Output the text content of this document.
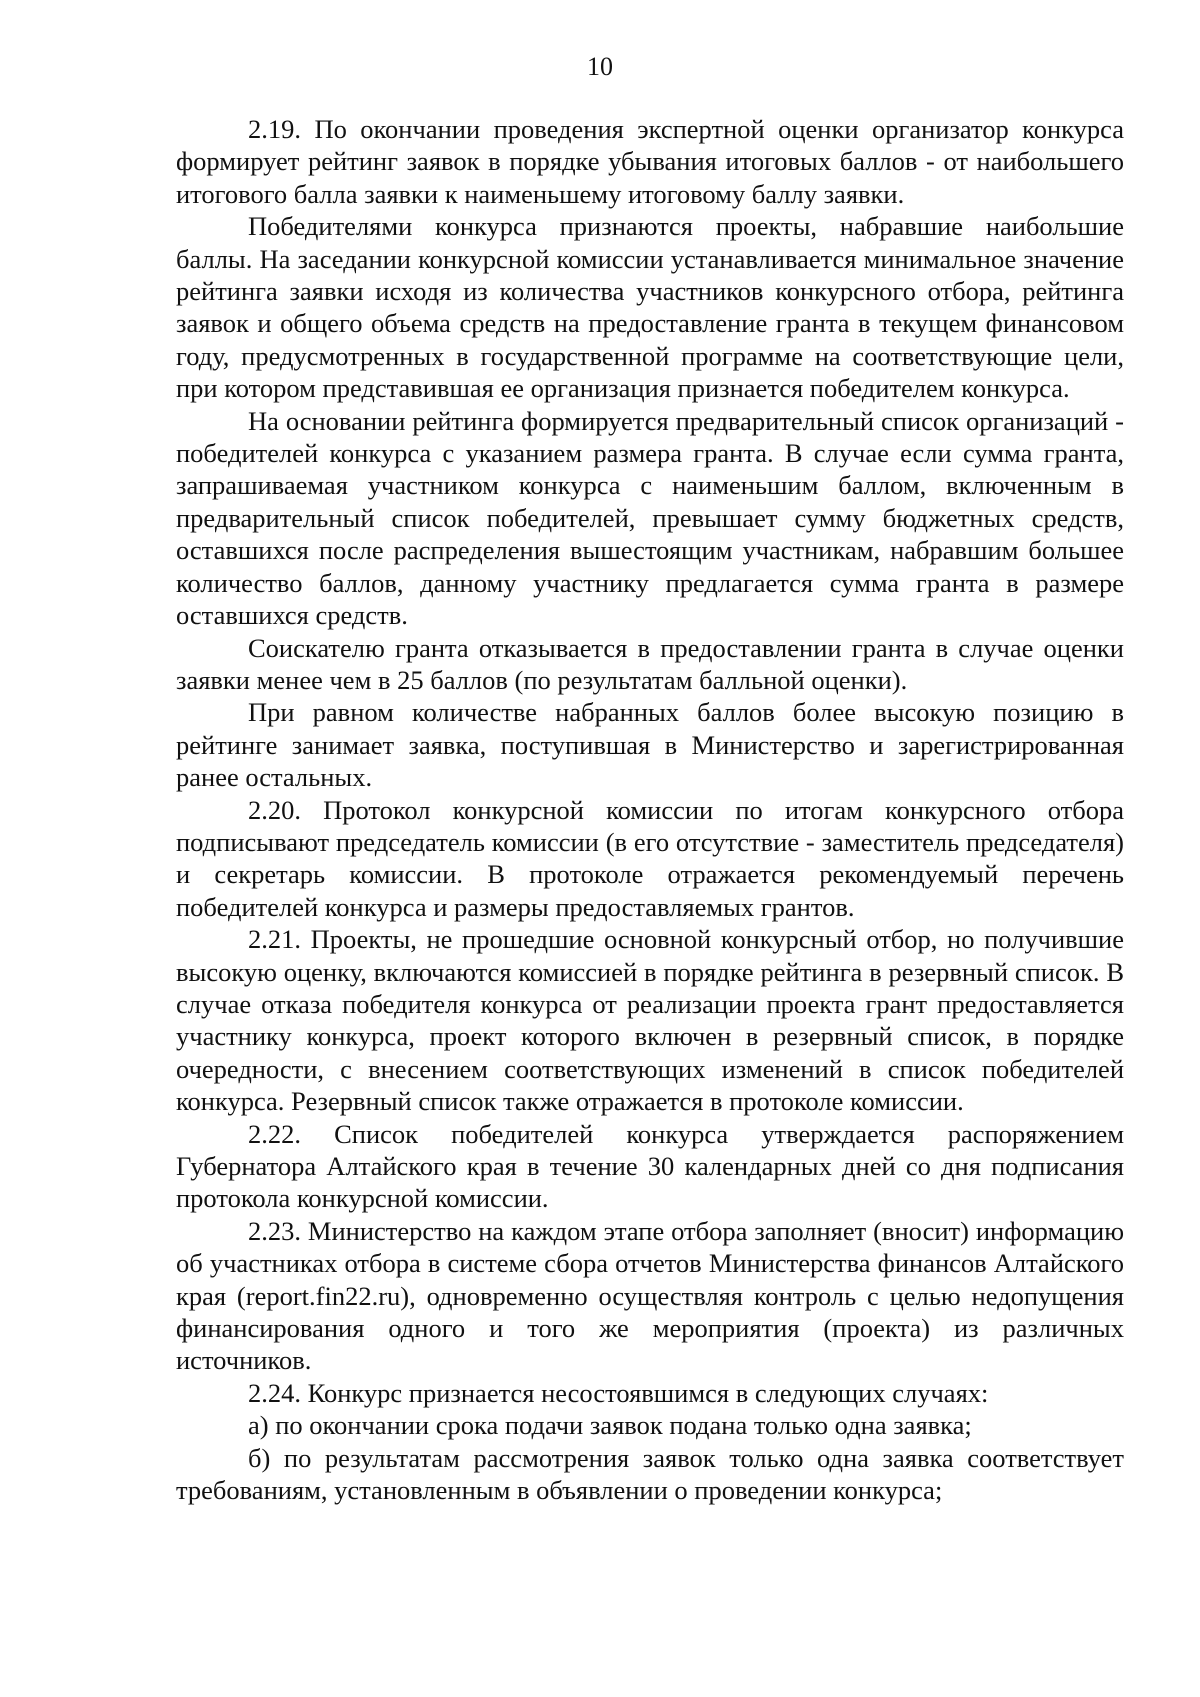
10

2.19. По окончании проведения экспертной оценки организатор конкурса формирует рейтинг заявок в порядке убывания итоговых баллов - от наибольшего итогового балла заявки к наименьшему итоговому баллу заявки.

Победителями конкурса признаются проекты, набравшие наибольшие баллы. На заседании конкурсной комиссии устанавливается минимальное значение рейтинга заявки исходя из количества участников конкурсного отбора, рейтинга заявок и общего объема средств на предоставление гранта в текущем финансовом году, предусмотренных в государственной программе на соответствующие цели, при котором представившая ее организация признается победителем конкурса.

На основании рейтинга формируется предварительный список организаций - победителей конкурса с указанием размера гранта. В случае если сумма гранта, запрашиваемая участником конкурса с наименьшим баллом, включенным в предварительный список победителей, превышает сумму бюджетных средств, оставшихся после распределения вышестоящим участникам, набравшим большее количество баллов, данному участнику предлагается сумма гранта в размере оставшихся средств.

Соискателю гранта отказывается в предоставлении гранта в случае оценки заявки менее чем в 25 баллов (по результатам балльной оценки).

При равном количестве набранных баллов более высокую позицию в рейтинге занимает заявка, поступившая в Министерство и зарегистрированная ранее остальных.

2.20. Протокол конкурсной комиссии по итогам конкурсного отбора подписывают председатель комиссии (в его отсутствие - заместитель председателя) и секретарь комиссии. В протоколе отражается рекомендуемый перечень победителей конкурса и размеры предоставляемых грантов.

2.21. Проекты, не прошедшие основной конкурсный отбор, но получившие высокую оценку, включаются комиссией в порядке рейтинга в резервный список. В случае отказа победителя конкурса от реализации проекта грант предоставляется участнику конкурса, проект которого включен в резервный список, в порядке очередности, с внесением соответствующих изменений в список победителей конкурса. Резервный список также отражается в протоколе комиссии.

2.22. Список победителей конкурса утверждается распоряжением Губернатора Алтайского края в течение 30 календарных дней со дня подписания протокола конкурсной комиссии.

2.23. Министерство на каждом этапе отбора заполняет (вносит) информацию об участниках отбора в системе сбора отчетов Министерства финансов Алтайского края (report.fin22.ru), одновременно осуществляя контроль с целью недопущения финансирования одного и того же мероприятия (проекта) из различных источников.

2.24. Конкурс признается несостоявшимся в следующих случаях:

а) по окончании срока подачи заявок подана только одна заявка;

б) по результатам рассмотрения заявок только одна заявка соответствует требованиям, установленным в объявлении о проведении конкурса;
